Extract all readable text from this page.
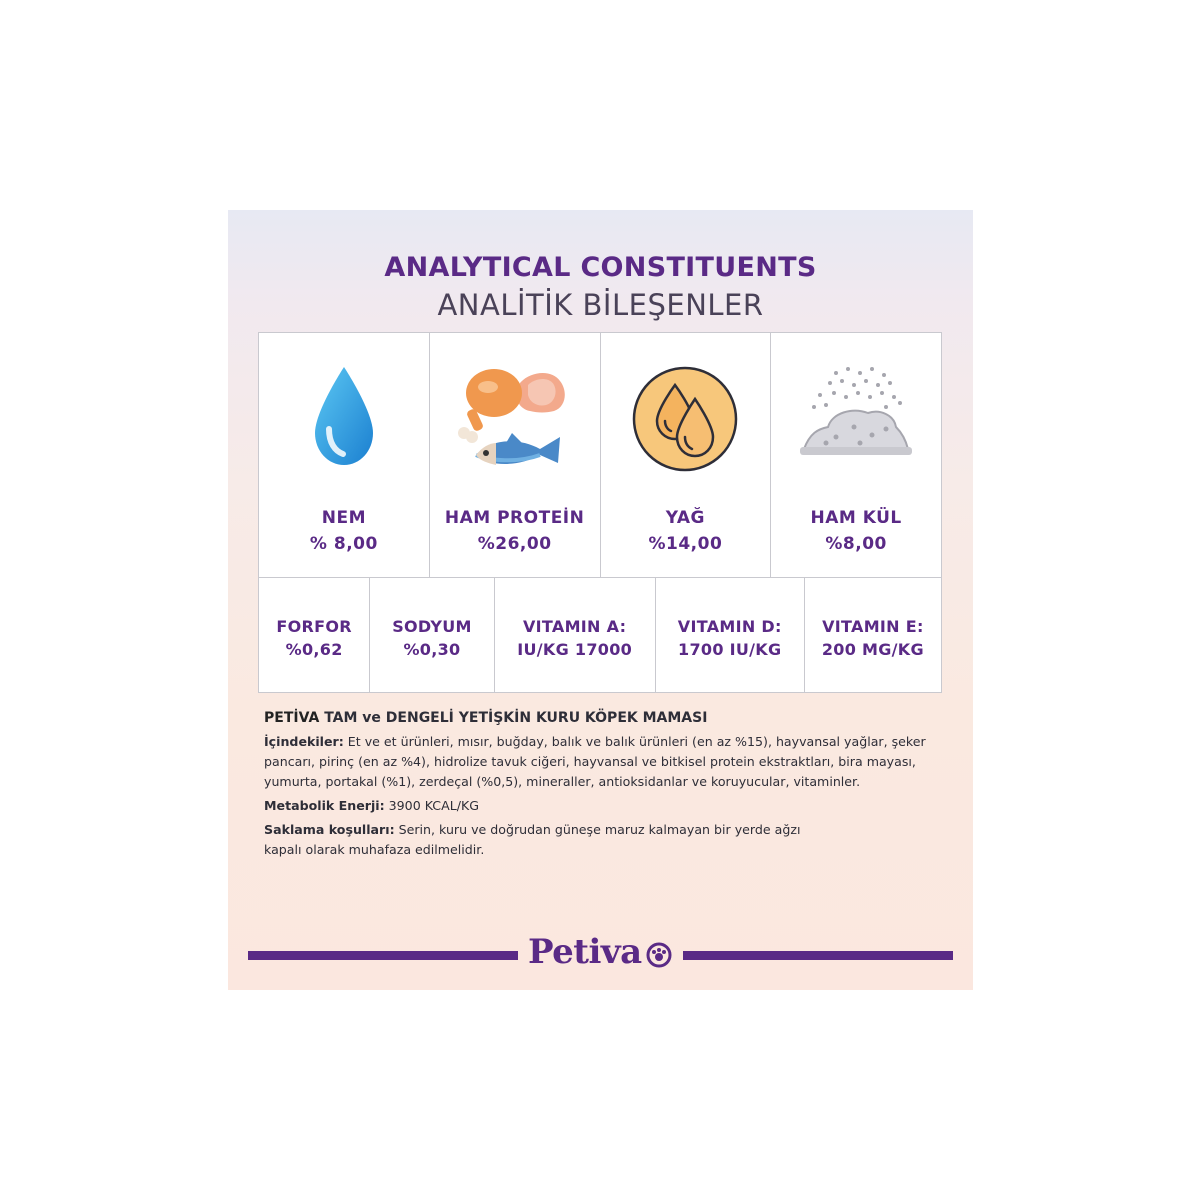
ANALYTICAL CONSTITUENTS
ANALİTİK BİLEŞENLER
NEM
% 8,00
HAM PROTEİN
%26,00
YAĞ
%14,00
HAM KÜL
%8,00
FORFOR
%0,62
SODYUM
%0,30
VITAMIN A:
IU/KG 17000
VITAMIN D:
1700 IU/KG
VITAMIN E:
200 MG/KG
PETİVA TAM ve DENGELİ YETİŞKİN KURU KÖPEK MAMASI

İçindekiler: Et ve et ürünleri, mısır, buğday, balık ve balık ürünleri (en az %15), hayvansal yağlar, şeker pancarı, pirinç (en az %4), hidrolize tavuk ciğeri, hayvansal ve bitkisel protein ekstraktları, bira mayası, yumurta, portakal (%1), zerdeçal (%0,5), mineraller, antioksidanlar ve koruyucular, vitaminler.

Metabolik Enerji: 3900 KCAL/KG

Saklama koşulları: Serin, kuru ve doğrudan güneşe maruz kalmayan bir yerde ağzı kapalı olarak muhafaza edilmelidir.

Petiva
